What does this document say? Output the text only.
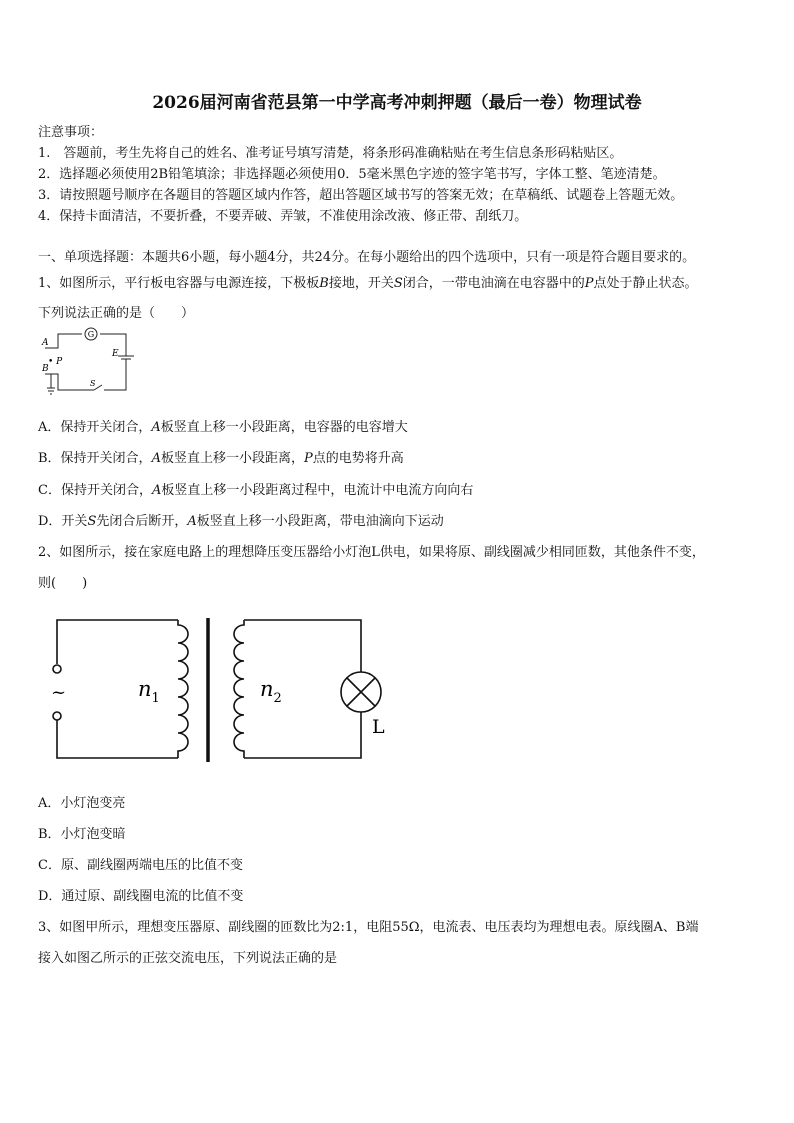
2026届河南省范县第一中学高考冲刺押题（最后一卷）物理试卷
注意事项：
1.　答题前，考生先将自己的姓名、准考证号填写清楚，将条形码准确粘贴在考生信息条形码粘贴区。
2．选择题必须使用2B铅笔填涂；非选择题必须使用0．5毫米黑色字迹的签字笔书写，字体工整、笔迹清楚。
3．请按照题号顺序在各题目的答题区域内作答，超出答题区域书写的答案无效；在草稿纸、试题卷上答题无效。
4．保持卡面清洁，不要折叠，不要弄破、弄皱，不准使用涂改液、修正带、刮纸刀。
一、单项选择题：本题共6小题，每小题4分，共24分。在每小题给出的四个选项中，只有一项是符合题目要求的。
1、如图所示，平行板电容器与电源连接，下极板B接地，开关S闭合，一带电油滴在电容器中的P点处于静止状态。
下列说法正确的是（　　）
G
A
• P
B
E
S
A．保持开关闭合，A板竖直上移一小段距离，电容器的电容增大
B．保持开关闭合，A板竖直上移一小段距离，P点的电势将升高
C．保持开关闭合，A板竖直上移一小段距离过程中，电流计中电流方向向右
D．开关S先闭合后断开，A板竖直上移一小段距离，带电油滴向下运动
2、如图所示，接在家庭电路上的理想降压变压器给小灯泡L供电，如果将原、副线圈减少相同匝数，其他条件不变，
则(　　)
~	$n_1$	$n_2$
L
A．小灯泡变亮
B．小灯泡变暗
C．原、副线圈两端电压的比值不变
D．通过原、副线圈电流的比值不变
3、如图甲所示，理想变压器原、副线圈的匝数比为2:1，电阻55Ω，电流表、电压表均为理想电表。原线圈A、B端
接入如图乙所示的正弦交流电压，下列说法正确的是
